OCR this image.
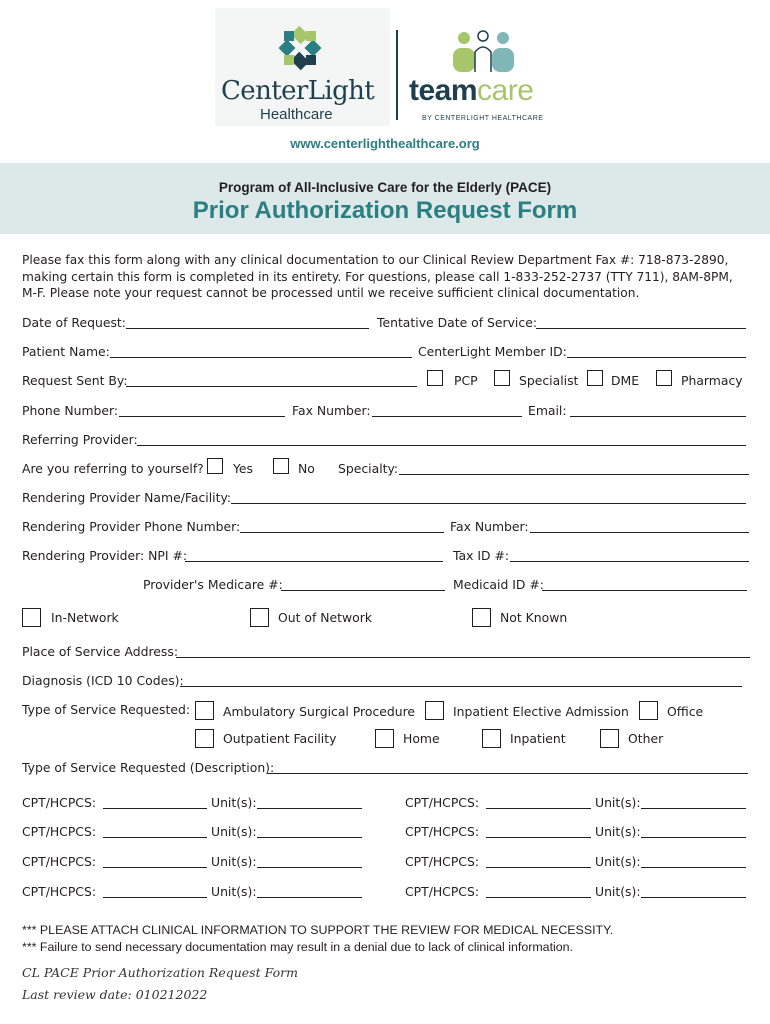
CenterLight
Healthcare
teamcare
BY CENTERLIGHT HEALTHCARE
www.centerlighthealthcare.org
Program of All-Inclusive Care for the Elderly (PACE)
Prior Authorization Request Form
Please fax this form along with any clinical documentation to our Clinical Review Department Fax #: 718-873-2890,
making certain this form is completed in its entirety. For questions, please call 1-833-252-2737 (TTY 711), 8AM-8PM,
M-F. Please note your request cannot be processed until we receive sufficient clinical documentation.
Date of Request:	Tentative Date of Service:
Patient Name:	CenterLight Member ID:
Request Sent By:	PCP	Specialist	DME	Pharmacy
Phone Number:	Fax Number:	Email:
Referring Provider:
Are you referring to yourself? Yes	No Specialty:
Rendering Provider Name/Facility:
Rendering Provider Phone Number:	Fax Number:
Rendering Provider: NPI #:	Tax ID #:
Provider's Medicare #:	Medicaid ID #:
In-Network	Out of Network	Not Known
Place of Service Address:
Diagnosis (ICD 10 Codes):
Type of Service Requested:	Ambulatory Surgical Procedure	Inpatient Elective Admission	Office
Outpatient Facility	Home	Inpatient	Other
Type of Service Requested (Description):
CPT/HCPCS:	Unit(s):	CPT/HCPCS:	Unit(s):
CPT/HCPCS:	Unit(s):	CPT/HCPCS:	Unit(s):
CPT/HCPCS:	Unit(s):	CPT/HCPCS:	Unit(s):
CPT/HCPCS:	Unit(s):	CPT/HCPCS:	Unit(s):
*** PLEASE ATTACH CLINICAL INFORMATION TO SUPPORT THE REVIEW FOR MEDICAL NECESSITY.
*** Failure to send necessary documentation may result in a denial due to lack of clinical information.
CL PACE Prior Authorization Request Form
Last review date: 010212022
